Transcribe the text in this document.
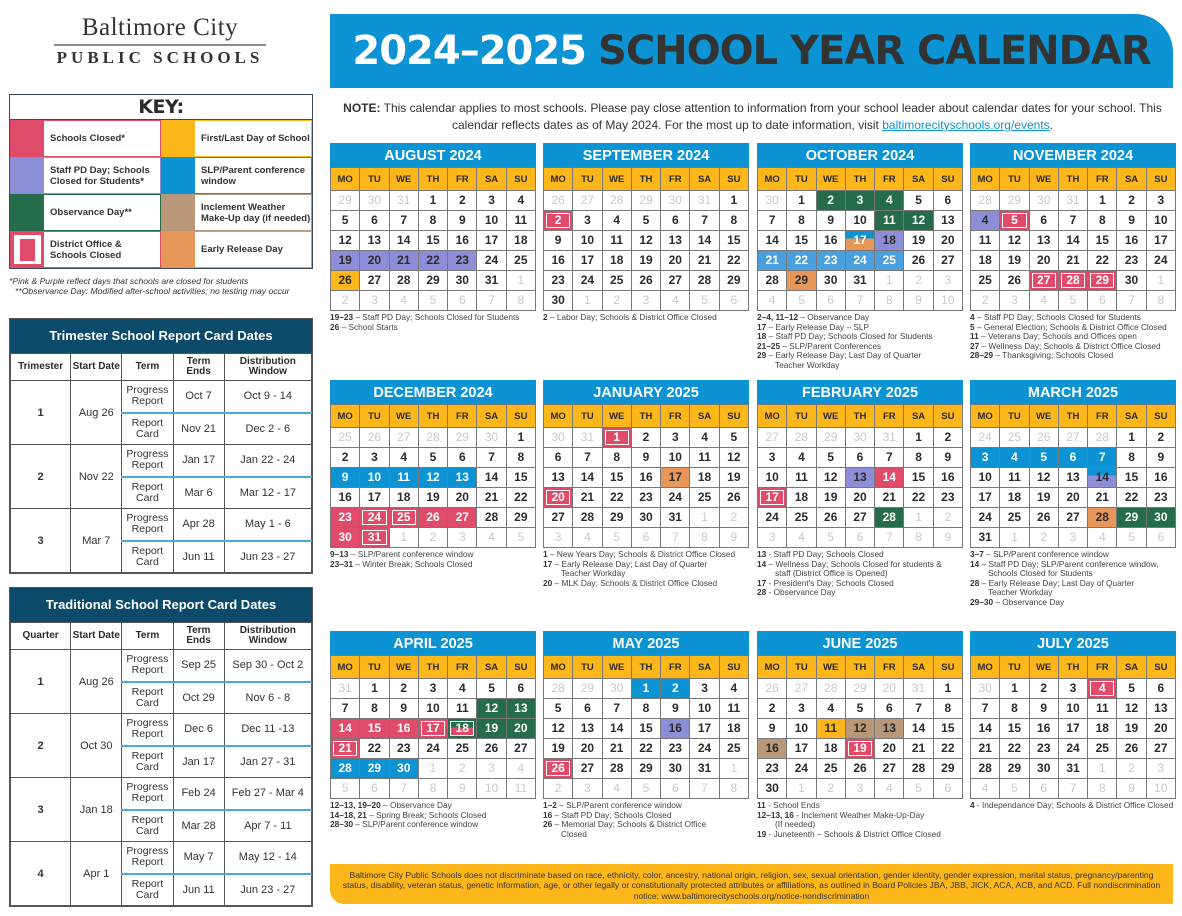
Baltimore City
PUBLIC SCHOOLS
KEY:
Schools Closed*	First/Last Day of School
Staff PD Day; Schools Closed for Students*
SLP/Parent conference window
Observance Day**	Inclement Weather Make-Up day (if needed)
District Office & Schools Closed	Early Release Day
*Pink & Purple reflect days that schools are closed for students
**Observance Day: Modified after-school activities; no testing may occur
Trimester School Report Card Dates
Trimester	Start Date	Term	Term Ends	Distribution Window
1	Aug 26	Progress Report	Oct 7	Oct 9 - 14
		Report Card	Nov 21	Dec 2 - 6
2	Nov 22	Progress Report	Jan 17	Jan 22 - 24
		Report Card	Mar 6	Mar 12 - 17
3	Mar 7	Progress Report	Apr 28	May 1 - 6
		Report Card	Jun 11	Jun 23 - 27
Traditional School Report Card Dates
Quarter	Start Date	Term	Term Ends	Distribution Window
1	Aug 26	Progress Report	Sep 25	Sep 30 - Oct 2
		Report Card	Oct 29	Nov 6 - 8
2	Oct 30	Progress Report	Dec 6	Dec 11 -13
		Report Card	Jan 17	Jan 27 - 31
3	Jan 18	Progress Report	Feb 24	Feb 27 - Mar 4
		Report Card	Mar 28	Apr 7 - 11
4	Apr 1	Progress Report	May 7	May 12 - 14
		Report Card	Jun 11	Jun 23 - 27
2024–2025 SCHOOL YEAR CALENDAR
NOTE: This calendar applies to most schools. Please pay close attention to information from your school leader about calendar dates for your school. This calendar reflects dates as of May 2024. For the most up to date information, visit baltimorecityschools.org/events.
AUGUST 2024
MO	TU	WE	TH	FR	SA	SU
29	30	31	1	2	3	4
5	6	7	8	9	10	11
12	13	14	15	16	17	18
19	20	21	22	23	24	25
26	27	28	29	30	31	1
2	3	4	5	6	7	8
19–23 – Staff PD Day; Schools Closed for Students
26 – School Starts
SEPTEMBER 2024
MO	TU	WE	TH	FR	SA	SU
26	27	28	29	30	31	1
2	3	4	5	6	7	8
9	10	11	12	13	14	15
16	17	18	19	20	21	22
23	24	25	26	27	28	29
30	1	2	3	4	5	6
2 – Labor Day; Schools & District Office Closed
OCTOBER 2024
MO	TU	WE	TH	FR	SA	SU
30	1	2	3	4	5	6
7	8	9	10	11	12	13
14	15	16	17	18	19	20
21	22	23	24	25	26	27
28	29	30	31	1	2	3
4	5	6	7	8	9	10
2–4, 11–12 – Observance Day
17 – Early Release Day – SLP
18 – Staff PD Day; Schools Closed for Students
21–25 – SLP/Parent Conferences
29 – Early Release Day; Last Day of Quarter
Teacher Workday
NOVEMBER 2024
MO	TU	WE	TH	FR	SA	SU
28	29	30	31	1	2	3
4	5	6	7	8	9	10
11	12	13	14	15	16	17
18	19	20	21	22	23	24
25	26	27	28	29	30	1
2	3	4	5	6	7	8
4 – Staff PD Day; Schools Closed for Students
5 – General Election; Schools & District Office Closed
11 – Veterans Day; Schools and Offices open
27 – Wellness Day; Schools & District Office Closed
28–29 – Thanksgiving; Schools Closed
DECEMBER 2024
MO	TU	WE	TH	FR	SA	SU
25	26	27	28	29	30	1
2	3	4	5	6	7	8
9	10	11	12	13	14	15
16	17	18	19	20	21	22
23	24	25	26	27	28	29
30	31	1	2	3	4	5
9–13 – SLP/Parent conference window
23–31 – Winter Break; Schools Closed
JANUARY 2025
MO	TU	WE	TH	FR	SA	SU
30	31	1	2	3	4	5
6	7	8	9	10	11	12
13	14	15	16	17	18	19
20	21	22	23	24	25	26
27	28	29	30	31	1	2
3	4	5	6	7	8	9
1 – New Years Day; Schools & District Office Closed
17 – Early Release Day; Last Day of Quarter
Teacher Workday
20 – MLK Day; Schools & District Office Closed
FEBRUARY 2025
MO	TU	WE	TH	FR	SA	SU
27	28	29	30	31	1	2
3	4	5	6	7	8	9
10	11	12	13	14	15	16
17	18	19	20	21	22	23
24	25	26	27	28	1	2
3	4	5	6	7	8	9
13 - Staff PD Day; Schools Closed
14 – Wellness Day; Schools Closed for students &
staff (District Office is Opened)
17 - President's Day; Schools Closed
28 - Observance Day
MARCH 2025
MO	TU	WE	TH	FR	SA	SU
24	25	26	27	28	1	2
3	4	5	6	7	8	9
10	11	12	13	14	15	16
17	18	19	20	21	22	23
24	25	26	27	28	29	30
31	1	2	3	4	5	6
3–7 – SLP/Parent conference window
14 – Staff PD Day; SLP/Parent conference window,
Schools Closed for Students
28 – Early Release Day; Last Day of Quarter
Teacher Workday
29–30 – Observance Day
APRIL 2025
MO	TU	WE	TH	FR	SA	SU
31	1	2	3	4	5	6
7	8	9	10	11	12	13
14	15	16	17	18	19	20
21	22	23	24	25	26	27
28	29	30	1	2	3	4
5	6	7	8	9	10	11
12–13, 19–20 – Observance Day
14–18, 21 – Spring Break; Schools Closed
28–30 – SLP/Parent conference window
MAY 2025
MO	TU	WE	TH	FR	SA	SU
28	29	30	1	2	3	4
5	6	7	8	9	10	11
12	13	14	15	16	17	18
19	20	21	22	23	24	25
26	27	28	29	30	31	1
2	3	4	5	6	7	8
1–2 – SLP/Parent conference window
16 – Staff PD Day; Schools Closed
26 – Memorial Day; Schools & District Office
Closed
JUNE 2025
MO	TU	WE	TH	FR	SA	SU
26	27	28	29	20	31	1
2	3	4	5	6	7	8
9	10	11	12	13	14	15
16	17	18	19	20	21	22
23	24	25	26	27	28	29
30	1	2	3	4	5	6
11 - School Ends
12–13, 16 - Inclement Weather Make-Up-Day
(If needed)
19 - Juneteenth – Schools & District Office Closed
JULY 2025
MO	TU	WE	TH	FR	SA	SU
30	1	2	3	4	5	6
7	8	9	10	11	12	13
14	15	16	17	18	19	20
21	22	23	24	25	26	27
28	29	30	31	1	2	3
4	5	6	7	8	9	10
4 - Independance Day; Schools & District Office Closed
Baltimore City Public Schools does not discriminate based on race, ethnicity, color, ancestry, national origin, religion, sex, sexual orientation, gender identity, gender expression, marital status, pregnancy/parenting status, disability, veteran status, genetic information, age, or other legally or constitutionally protected attributes or affiliations, as outlined in Board Policies JBA, JBB, JICK, ACA, ACB, and ACD. Full nondiscrimination notice: www.baltimorecityschools.org/notice-nondiscrimination
